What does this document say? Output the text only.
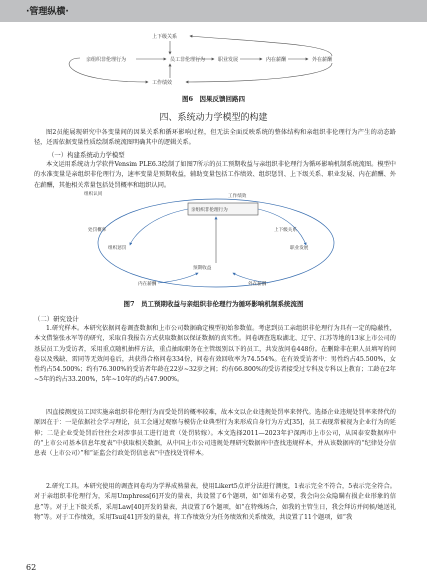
·管理纵横·
上下级关系
亲组织非伦理行为	员工非伦理行为	职业发展	内在薪酬	外在薪酬
工作绩效
图6　因果反馈回路四
四、系统动力学模型的构建

图2员能展现研究中各变量间的因果关系和循环影响过程，但无法全面反映系统的整体结构和亲组织非伦理行为产生的动态路径，还需依据变量性质绘制系统流图明确其中的逻辑关系。

（一）构建系统动力学模型

本文运用系统动力学软件Vensim PLE6.3绘制了如图7所示的员工预期收益与亲组织非伦理行为循环影响机制系统流图。模型中的水准变量是亲组织非伦理行为，速率变量是预期收益，辅助变量包括工作绩效、组织惩罚、上下级关系、职业发展、内在薪酬、外在薪酬，其他相关常量包括处罚概率和组织认同。

组织认同
亲组织非伦理行为
工作绩效
处罚概率
组织惩罚
上下级关系
职业发展
预期收益
内在薪酬	外在薪酬
图7　员工预期收益与亲组织非伦理行为循环影响机制系统流图
（二）研究设计

1.研究样本。本研究依据问卷调查数据和上市公司数据确定模型初始参数值。考虑到员工亲组织非伦理行为具有一定的隐蔽性，本文借鉴张永军等的研究，采取自我报告方式获取数据以保证数据的真实性。问卷调查选取湖北、辽宁、江苏等地的13家上市公司的基层员工为受访者，采用重点随机抽样方法，重点抽取职务在主管级别以下的员工，共发放问卷448份。在删除非在职人员填写的问卷以及残缺、雷同等无效问卷后，共获得合格问卷334份，问卷有效回收率为74.554%。在有效受访者中：男性约占45.500%，女性约占54.500%；约有76.300%的受访者年龄在22岁~32岁之间；约有66.800%的受访者接受过专科及专科以上教育；工龄在2年~5年的约占33.200%，5年~10年的约占47.900%。

四直接测度员工因实施亲组织非伦理行为而受处罚的概率较难，故本文以企业违规处罚率来替代。选择企业违规处罚率来替代的原因在于：一是依据社会学习理论，员工会通过观察与模仿企业典型行为来形成自身行为方式[35]，员工表现常被视为企业行为的延伸；二是企业受处罚后往往会对涉事员工进行追责（处罚转嫁）。本文选择2011—2023年沪深两市上市公司，从国泰安数据库中的“上市公司基本信息年度表”中获取相关数据，从中国上市公司违规处理研究数据库中查找违规样本，并从该数据库的“纪律处分信息表（上市公司）”和“证监会行政处罚信息表”中查找处罚样本。

2.研究工具。本研究使用的调查问卷均为学界成熟量表，使用Likert5点评分法进行测度，1表示完全不符合，5表示完全符合。对于亲组织非伦理行为，采用Umphress[6]开发的量表，共设置了6个题项，如“如果有必要，我会向公众隐瞒有损企业形象的信息”等。对于上下级关系，采用Law[40]开发的量表，共设置了6个题项，如“在特殊场合，如我的主管生日，我会拜访并问候/她送礼物”等。对于工作绩效，采用Tsui[41]开发的量表，将工作绩效分为任务绩效和关系绩效，共设置了11个题项，如“我

62
